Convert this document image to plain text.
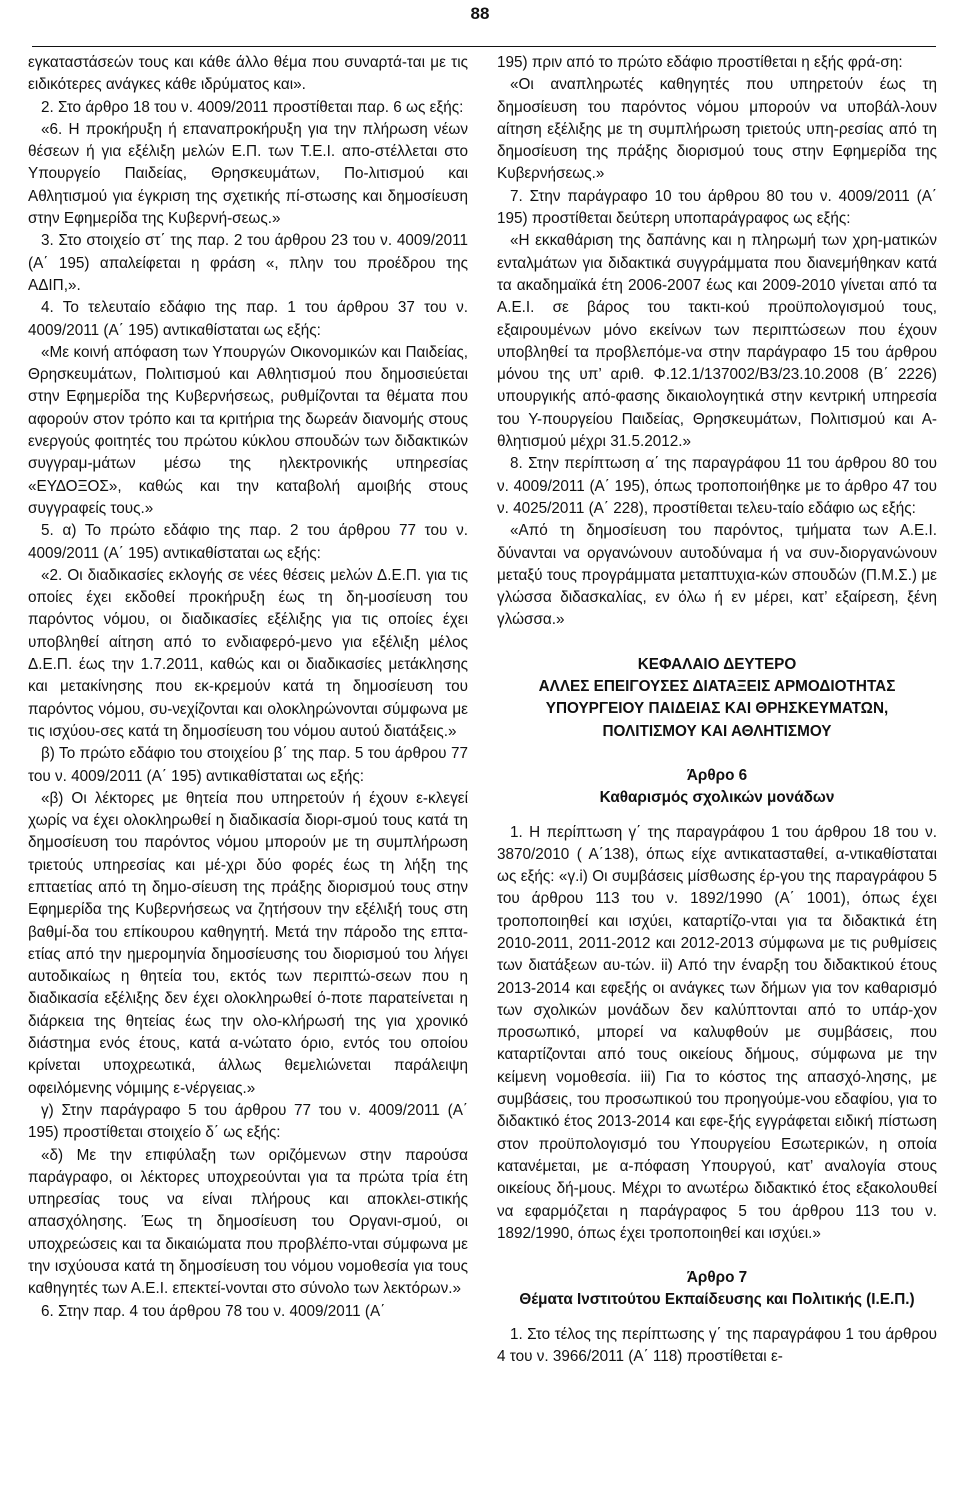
88

εγκαταστάσεών τους και κάθε άλλο θέμα που συναρτά-ται με τις ειδικότερες ανάγκες κάθε ιδρύματος και».

2. Στο άρθρο 18 του ν. 4009/2011 προστίθεται παρ. 6 ως εξής:

«6. Η προκήρυξη ή επαναπροκήρυξη για την πλήρωση νέων θέσεων ή για εξέλιξη μελών Ε.Π. των Τ.Ε.Ι. απο-στέλλεται στο Υπουργείο Παιδείας, Θρησκευμάτων, Πο-λιτισμού και Αθλητισμού για έγκριση της σχετικής πί-στωσης και δημοσίευση στην Εφημερίδα της Κυβερνή-σεως.»

3. Στο στοιχείο στ΄ της παρ. 2 του άρθρου 23 του ν. 4009/2011 (Α΄ 195) απαλείφεται η φράση «, πλην του προέδρου της ΑΔΙΠ,».

4. Το τελευταίο εδάφιο της παρ. 1 του άρθρου 37 του ν. 4009/2011 (Α΄ 195) αντικαθίσταται ως εξής:

«Με κοινή απόφαση των Υπουργών Οικονομικών και Παιδείας, Θρησκευμάτων, Πολιτισμού και Αθλητισμού που δημοσιεύεται στην Εφημερίδα της Κυβερνήσεως, ρυθμίζονται τα θέματα που αφορούν στον τρόπο και τα κριτήρια της δωρεάν διανομής στους ενεργούς φοιτητές του πρώτου κύκλου σπουδών των διδακτικών συγγραμ-μάτων μέσω της ηλεκτρονικής υπηρεσίας «ΕΥΔΟΞΟΣ», καθώς και την καταβολή αμοιβής στους συγγραφείς τους.»

5. α) Το πρώτο εδάφιο της παρ. 2 του άρθρου 77 του ν. 4009/2011 (Α΄ 195) αντικαθίσταται ως εξής:

«2. Οι διαδικασίες εκλογής σε νέες θέσεις μελών Δ.Ε.Π. για τις οποίες έχει εκδοθεί προκήρυξη έως τη δη-μοσίευση του παρόντος νόμου, οι διαδικασίες εξέλιξης για τις οποίες έχει υποβληθεί αίτηση από το ενδιαφερό-μενο για εξέλιξη μέλος Δ.Ε.Π. έως την 1.7.2011, καθώς και οι διαδικασίες μετάκλησης και μετακίνησης που εκ-κρεμούν κατά τη δημοσίευση του παρόντος νόμου, συ-νεχίζονται και ολοκληρώνονται σύμφωνα με τις ισχύου-σες κατά τη δημοσίευση του νόμου αυτού διατάξεις.»

β) Το πρώτο εδάφιο του στοιχείου β΄ της παρ. 5 του άρθρου 77 του ν. 4009/2011 (Α΄ 195) αντικαθίσταται ως εξής:

«β) Οι λέκτορες με θητεία που υπηρετούν ή έχουν ε-κλεγεί χωρίς να έχει ολοκληρωθεί η διαδικασία διορι-σμού τους κατά τη δημοσίευση του παρόντος νόμου μπορούν με τη συμπλήρωση τριετούς υπηρεσίας και μέ-χρι δύο φορές έως τη λήξη της επταετίας από τη δημο-σίευση της πράξης διορισμού τους στην Εφημερίδα της Κυβερνήσεως να ζητήσουν την εξέλιξή τους στη βαθμί-δα του επίκουρου καθηγητή. Μετά την πάροδο της επτα-ετίας από την ημερομηνία δημοσίευσης του διορισμού του λήγει αυτοδικαίως η θητεία του, εκτός των περιπτώ-σεων που η διαδικασία εξέλιξης δεν έχει ολοκληρωθεί ό-ποτε παρατείνεται η διάρκεια της θητείας έως την ολο-κλήρωσή της για χρονικό διάστημα ενός έτους, κατά α-νώτατο όριο, εντός του οποίου κρίνεται υποχρεωτικά, άλλως θεμελιώνεται παράλειψη οφειλόμενης νόμιμης ε-νέργειας.»

γ) Στην παράγραφο 5 του άρθρου 77 του ν. 4009/2011 (Α΄ 195) προστίθεται στοιχείο δ΄ ως εξής:

«δ) Με την επιφύλαξη των οριζόμενων στην παρούσα παράγραφο, οι λέκτορες υποχρεούνται για τα πρώτα τρία έτη υπηρεσίας τους να είναι πλήρους και αποκλει-στικής απασχόλησης. Έως τη δημοσίευση του Οργανι-σμού, οι υποχρεώσεις και τα δικαιώματα που προβλέπο-νται σύμφωνα με την ισχύουσα κατά τη δημοσίευση του νόμου νομοθεσία για τους καθηγητές των Α.Ε.Ι. επεκτεί-νονται στο σύνολο των λεκτόρων.»

6. Στην παρ. 4 του άρθρου 78 του ν. 4009/2011 (Α΄

195) πριν από το πρώτο εδάφιο προστίθεται η εξής φρά-ση:

«Οι αναπληρωτές καθηγητές που υπηρετούν έως τη δημοσίευση του παρόντος νόμου μπορούν να υποβάλ-λουν αίτηση εξέλιξης με τη συμπλήρωση τριετούς υπη-ρεσίας από τη δημοσίευση της πράξης διορισμού τους στην Εφημερίδα της Κυβερνήσεως.»

7. Στην παράγραφο 10 του άρθρου 80 του ν. 4009/2011 (Α΄ 195) προστίθεται δεύτερη υποπαράγραφος ως εξής:

«Η εκκαθάριση της δαπάνης και η πληρωμή των χρη-ματικών ενταλμάτων για διδακτικά συγγράμματα που διανεμήθηκαν κατά τα ακαδημαϊκά έτη 2006-2007 έως και 2009-2010 γίνεται από τα Α.Ε.Ι. σε βάρος του τακτι-κού προϋπολογισμού τους, εξαιρουμένων μόνο εκείνων των περιπτώσεων που έχουν υποβληθεί τα προβλεπόμε-να στην παράγραφο 15 του άρθρου μόνου της υπ’ αριθ. Φ.12.1/137002/Β3/23.10.2008 (Β΄ 2226) υπουργικής από-φασης δικαιολογητικά στην κεντρική υπηρεσία του Υ-πουργείου Παιδείας, Θρησκευμάτων, Πολιτισμού και Α-θλητισμού μέχρι 31.5.2012.»

8. Στην περίπτωση α΄ της παραγράφου 11 του άρθρου 80 του ν. 4009/2011 (Α΄ 195), όπως τροποποιήθηκε με το άρθρο 47 του ν. 4025/2011 (Α΄ 228), προστίθεται τελευ-ταίο εδάφιο ως εξής:

«Από τη δημοσίευση του παρόντος, τμήματα των Α.Ε.Ι. δύνανται να οργανώνουν αυτοδύναμα ή να συν-διοργανώνουν μεταξύ τους προγράμματα μεταπτυχια-κών σπουδών (Π.Μ.Σ.) με γλώσσα διδασκαλίας, εν όλω ή εν μέρει, κατ’ εξαίρεση, ξένη γλώσσα.»

ΚΕΦΑΛΑΙΟ ΔΕΥΤΕΡΟ

ΑΛΛΕΣ ΕΠΕΙΓΟΥΣΕΣ ΔΙΑΤΑΞΕΙΣ ΑΡΜΟΔΙΟΤΗΤΑΣ

ΥΠΟΥΡΓΕΙΟΥ ΠΑΙΔΕΙΑΣ ΚΑΙ ΘΡΗΣΚΕΥΜΑΤΩΝ,

ΠΟΛΙΤΙΣΜΟΥ ΚΑΙ ΑΘΛΗΤΙΣΜΟΥ

Άρθρο 6

Καθαρισμός σχολικών μονάδων

1. Η περίπτωση γ΄ της παραγράφου 1 του άρθρου 18 του ν. 3870/2010 ( Α΄138), όπως είχε αντικατασταθεί, α-ντικαθίσταται ως εξής: «γ.i) Οι συμβάσεις μίσθωσης έρ-γου της παραγράφου 5 του άρθρου 113 του ν. 1892/1990 (Α΄ 1001), όπως έχει τροποποιηθεί και ισχύει, καταρτίζο-νται για τα διδακτικά έτη 2010-2011, 2011-2012 και 2012-2013 σύμφωνα με τις ρυθμίσεις των διατάξεων αυ-τών. ii) Από την έναρξη του διδακτικού έτους 2013-2014 και εφεξής οι ανάγκες των δήμων για τον καθαρισμό των σχολικών μονάδων δεν καλύπτονται από το υπάρ-χον προσωπικό, μπορεί να καλυφθούν με συμβάσεις, που καταρτίζονται από τους οικείους δήμους, σύμφωνα με την κείμενη νομοθεσία. iii) Για το κόστος της απασχό-λησης, με συμβάσεις, του προσωπικού του προηγούμε-νου εδαφίου, για το διδακτικό έτος 2013-2014 και εφε-ξής εγγράφεται ειδική πίστωση στον προϋπολογισμό του Υπουργείου Εσωτερικών, η οποία κατανέμεται, με α-πόφαση Υπουργού, κατ’ αναλογία στους οικείους δή-μους. Μέχρι το ανωτέρω διδακτικό έτος εξακολουθεί να εφαρμόζεται η παράγραφος 5 του άρθρου 113 του ν. 1892/1990, όπως έχει τροποποιηθεί και ισχύει.»

Άρθρο 7

Θέματα Ινστιτούτου Εκπαίδευσης και Πολιτικής (Ι.Ε.Π.)

1. Στο τέλος της περίπτωσης γ΄ της παραγράφου 1 του άρθρου 4 του ν. 3966/2011 (Α΄ 118) προστίθεται ε-
